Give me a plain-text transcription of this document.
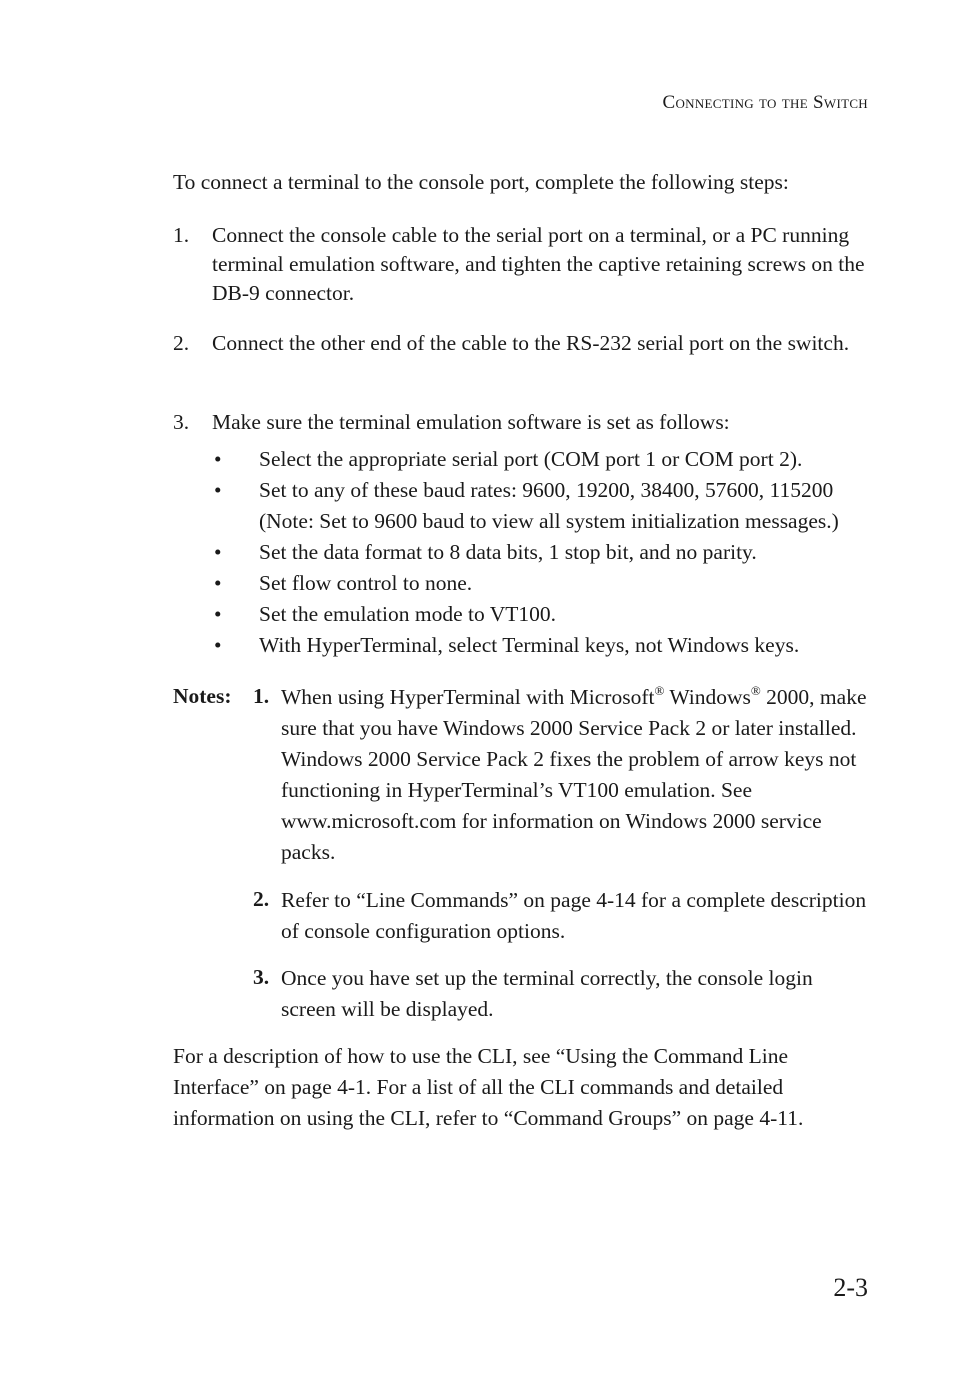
Connecting to the Switch
To connect a terminal to the console port, complete the following steps:
1. Connect the console cable to the serial port on a terminal, or a PC running terminal emulation software, and tighten the captive retaining screws on the DB-9 connector.
2. Connect the other end of the cable to the RS-232 serial port on the switch.
3. Make sure the terminal emulation software is set as follows:
• Select the appropriate serial port (COM port 1 or COM port 2).
• Set to any of these baud rates: 9600, 19200, 38400, 57600, 115200
(Note: Set to 9600 baud to view all system initialization messages.)
• Set the data format to 8 data bits, 1 stop bit, and no parity.
• Set flow control to none.
• Set the emulation mode to VT100.
• With HyperTerminal, select Terminal keys, not Windows keys.
Notes: 1. When using HyperTerminal with Microsoft® Windows® 2000, make sure that you have Windows 2000 Service Pack 2 or later installed. Windows 2000 Service Pack 2 fixes the problem of arrow keys not functioning in HyperTerminal’s VT100 emulation. See www.microsoft.com for information on Windows 2000 service packs.
2. Refer to “Line Commands” on page 4-14 for a complete description of console configuration options.
3. Once you have set up the terminal correctly, the console login screen will be displayed.
For a description of how to use the CLI, see “Using the Command Line Interface” on page 4-1. For a list of all the CLI commands and detailed information on using the CLI, refer to “Command Groups” on page 4-11.
2-3
